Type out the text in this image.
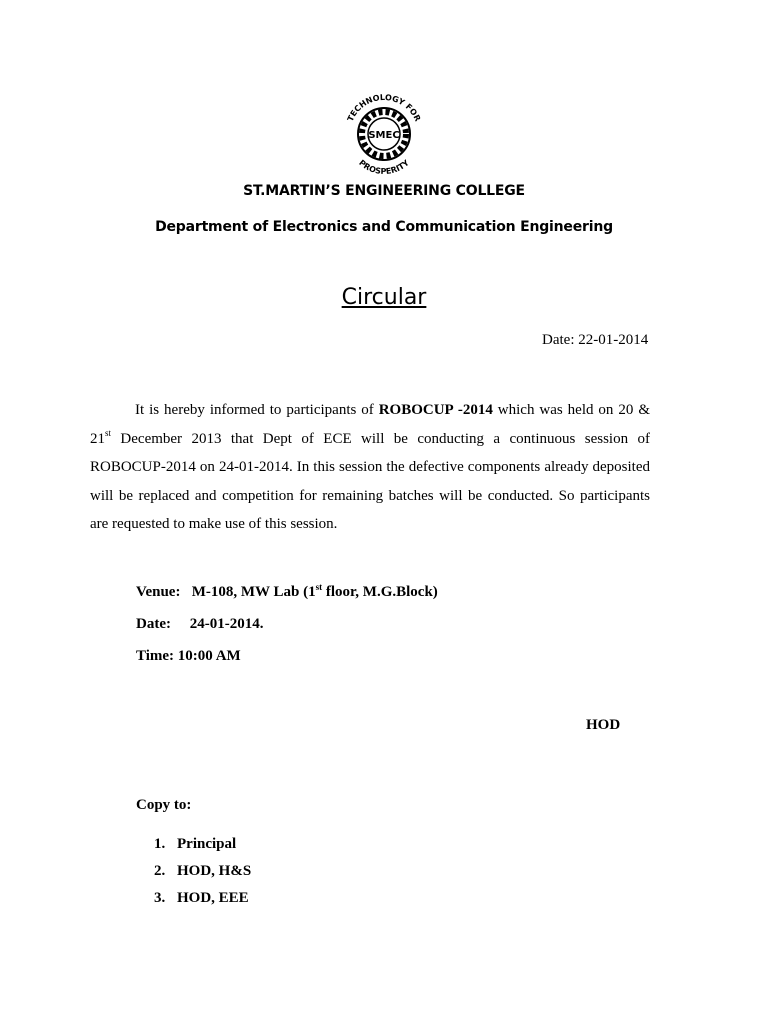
TECHNOLOGY FOR
PROSPERITY
SMEC
ST.MARTIN’S ENGINEERING COLLEGE
Department of Electronics and Communication Engineering
Circular
Date: 22-01-2014
It is hereby informed to participants of ROBOCUP -2014 which was held on 20 & 21st December 2013 that Dept of ECE will be conducting a continuous session of ROBOCUP-2014 on 24-01-2014. In this session the defective components already deposited will be replaced and competition for remaining batches will be conducted. So participants are requested to make use of this session.
Venue: M-108, MW Lab (1st floor, M.G.Block)
Date: 24-01-2014.
Time: 10:00 AM
HOD
Copy to:
1. Principal
2. HOD, H&S
3. HOD, EEE
